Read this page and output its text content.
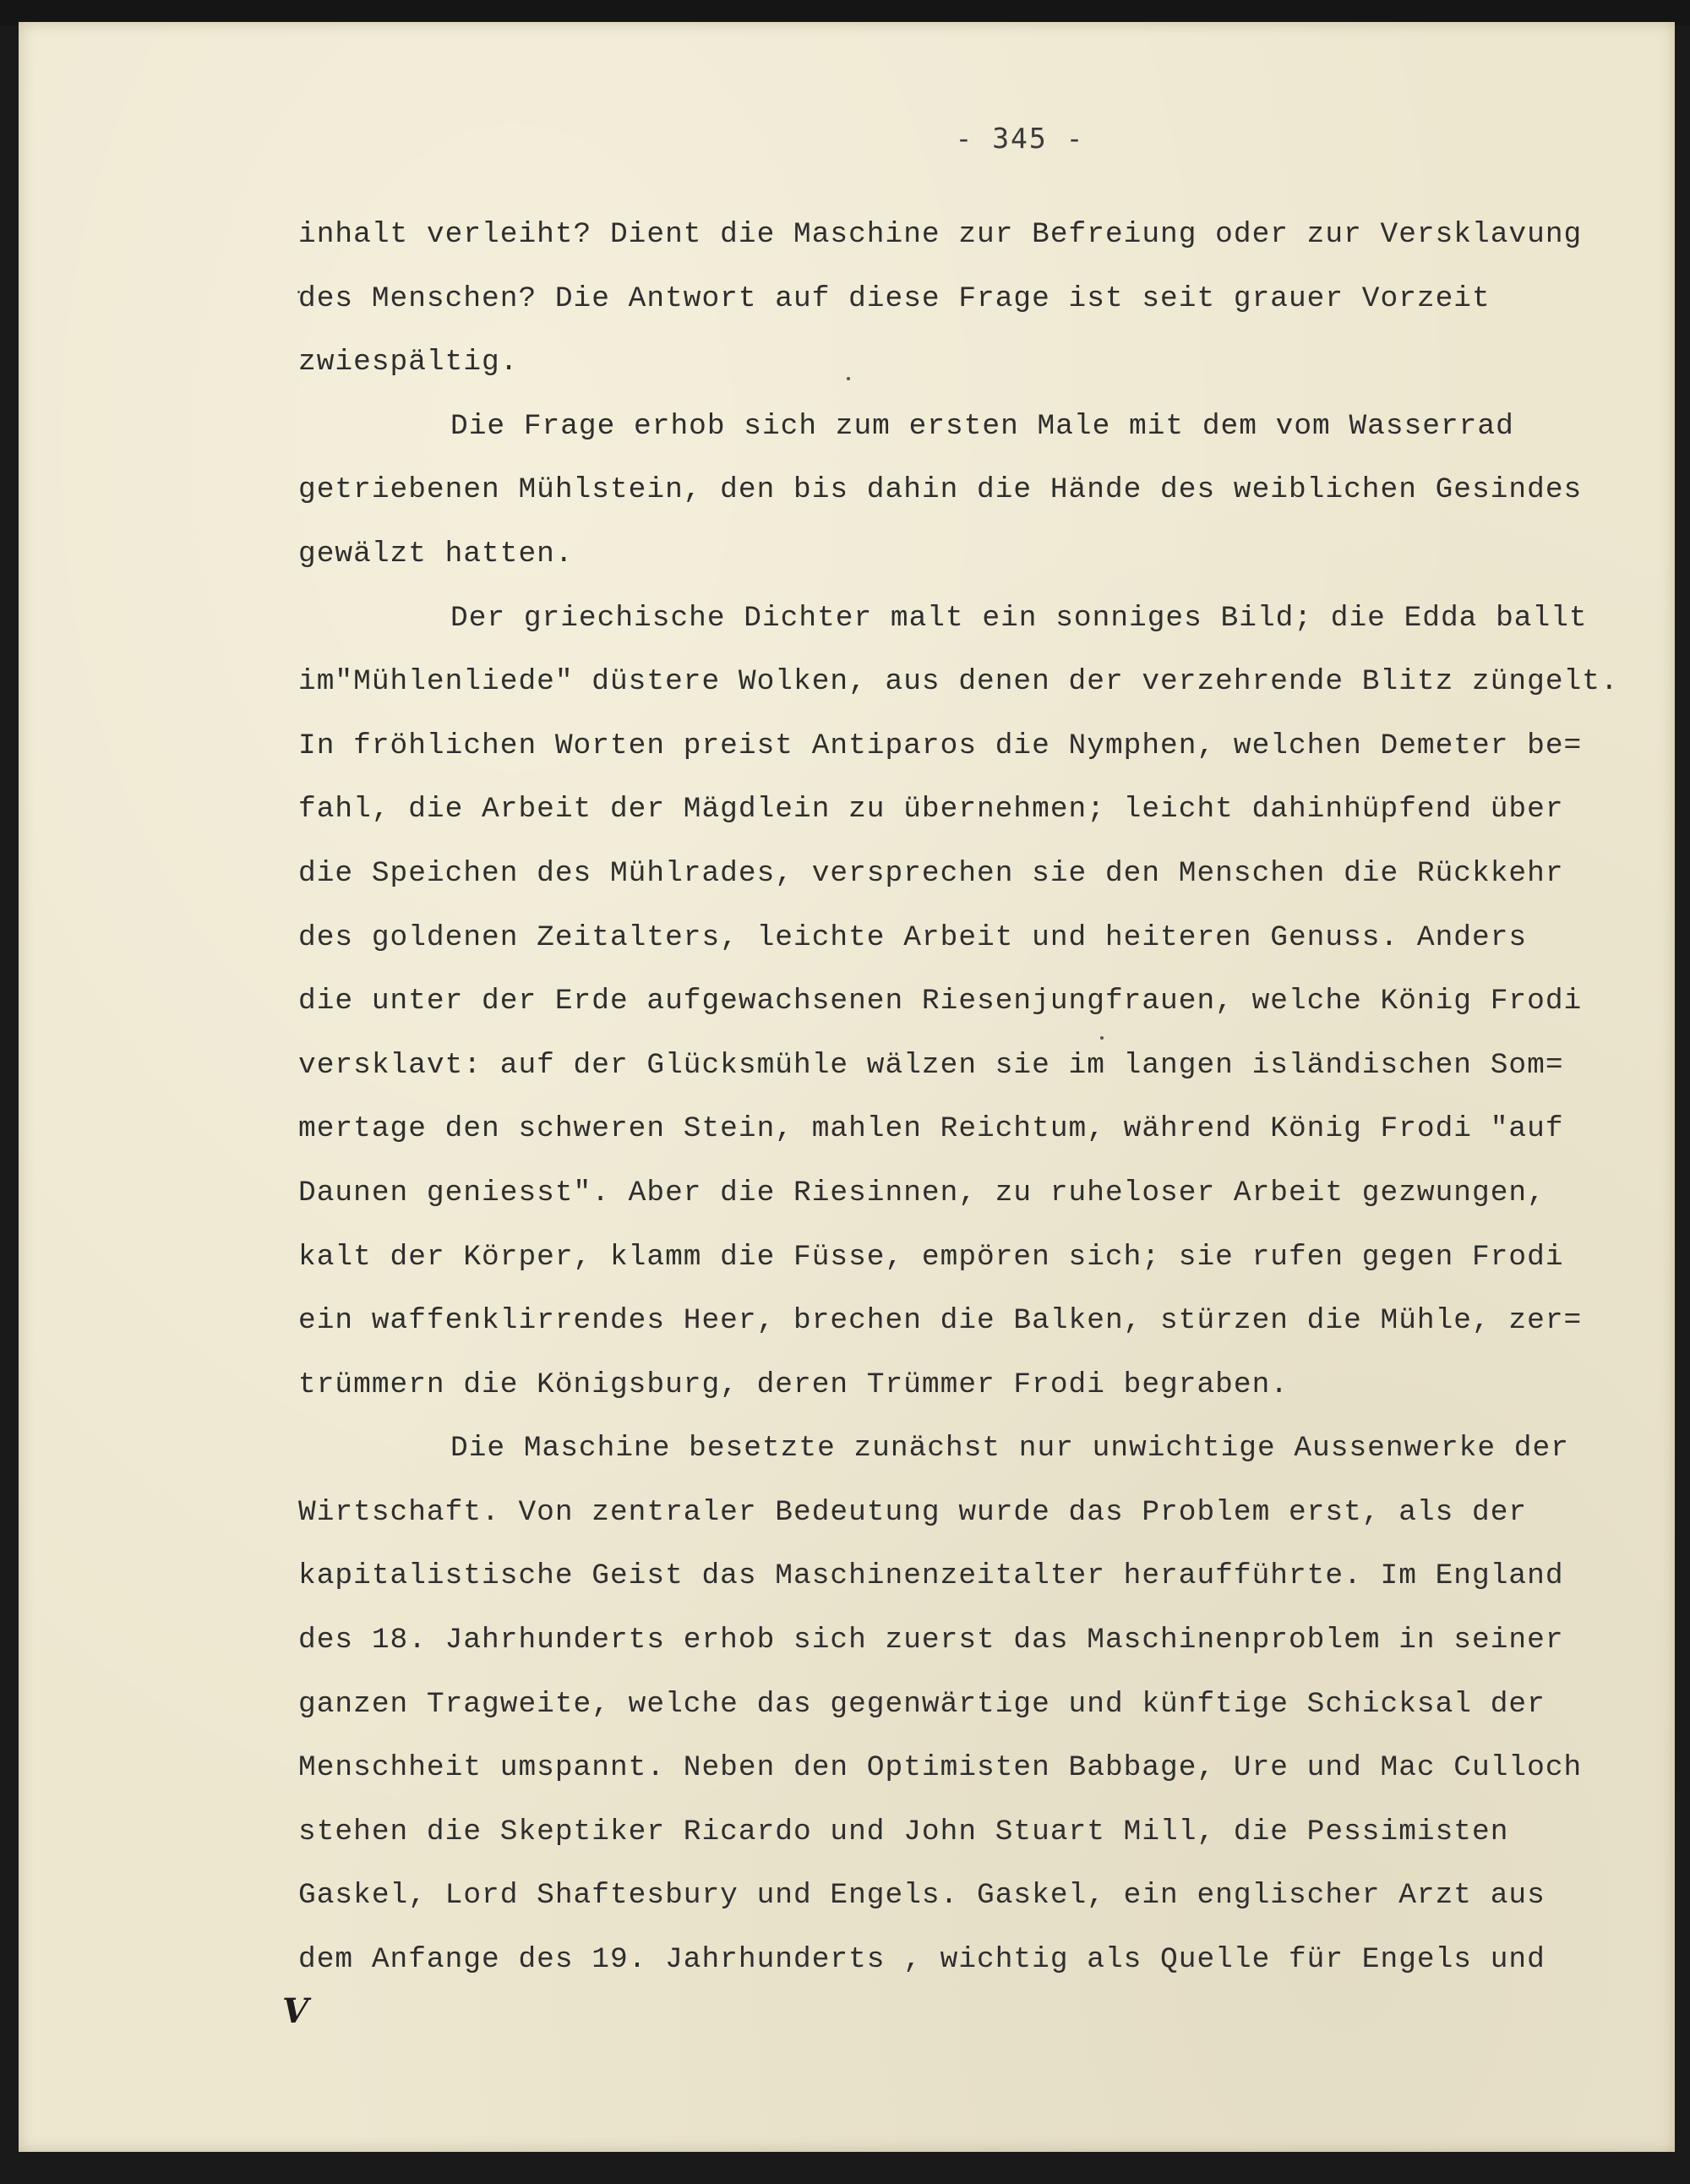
- 345 -
inhalt verleiht? Dient die Maschine zur Befreiung oder zur Versklavung
des Menschen? Die Antwort auf diese Frage ist seit grauer Vorzeit
zwiespältig.
Die Frage erhob sich zum ersten Male mit dem vom Wasserrad
getriebenen Mühlstein, den bis dahin die Hände des weiblichen Gesindes
gewälzt hatten.
Der griechische Dichter malt ein sonniges Bild; die Edda ballt
im"Mühlenliede" düstere Wolken, aus denen der verzehrende Blitz züngelt.
In fröhlichen Worten preist Antiparos die Nymphen, welchen Demeter be=
fahl, die Arbeit der Mägdlein zu übernehmen; leicht dahinhüpfend über
die Speichen des Mühlrades, versprechen sie den Menschen die Rückkehr
des goldenen Zeitalters, leichte Arbeit und heiteren Genuss. Anders
die unter der Erde aufgewachsenen Riesenjungfrauen, welche König Frodi
versklavt: auf der Glücksmühle wälzen sie im langen isländischen Som=
mertage den schweren Stein, mahlen Reichtum, während König Frodi "auf
Daunen geniesst". Aber die Riesinnen, zu ruheloser Arbeit gezwungen,
kalt der Körper, klamm die Füsse, empören sich; sie rufen gegen Frodi
ein waffenklirrendes Heer, brechen die Balken, stürzen die Mühle, zer=
trümmern die Königsburg, deren Trümmer Frodi begraben.
Die Maschine besetzte zunächst nur unwichtige Aussenwerke der
Wirtschaft. Von zentraler Bedeutung wurde das Problem erst, als der
kapitalistische Geist das Maschinenzeitalter heraufführte. Im England
des 18. Jahrhunderts erhob sich zuerst das Maschinenproblem in seiner
ganzen Tragweite, welche das gegenwärtige und künftige Schicksal der
Menschheit umspannt. Neben den Optimisten Babbage, Ure und Mac Culloch
stehen die Skeptiker Ricardo und John Stuart Mill, die Pessimisten
Gaskel, Lord Shaftesbury und Engels. Gaskel, ein englischer Arzt aus
dem Anfange des 19. Jahrhunderts , wichtig als Quelle für Engels und
V
